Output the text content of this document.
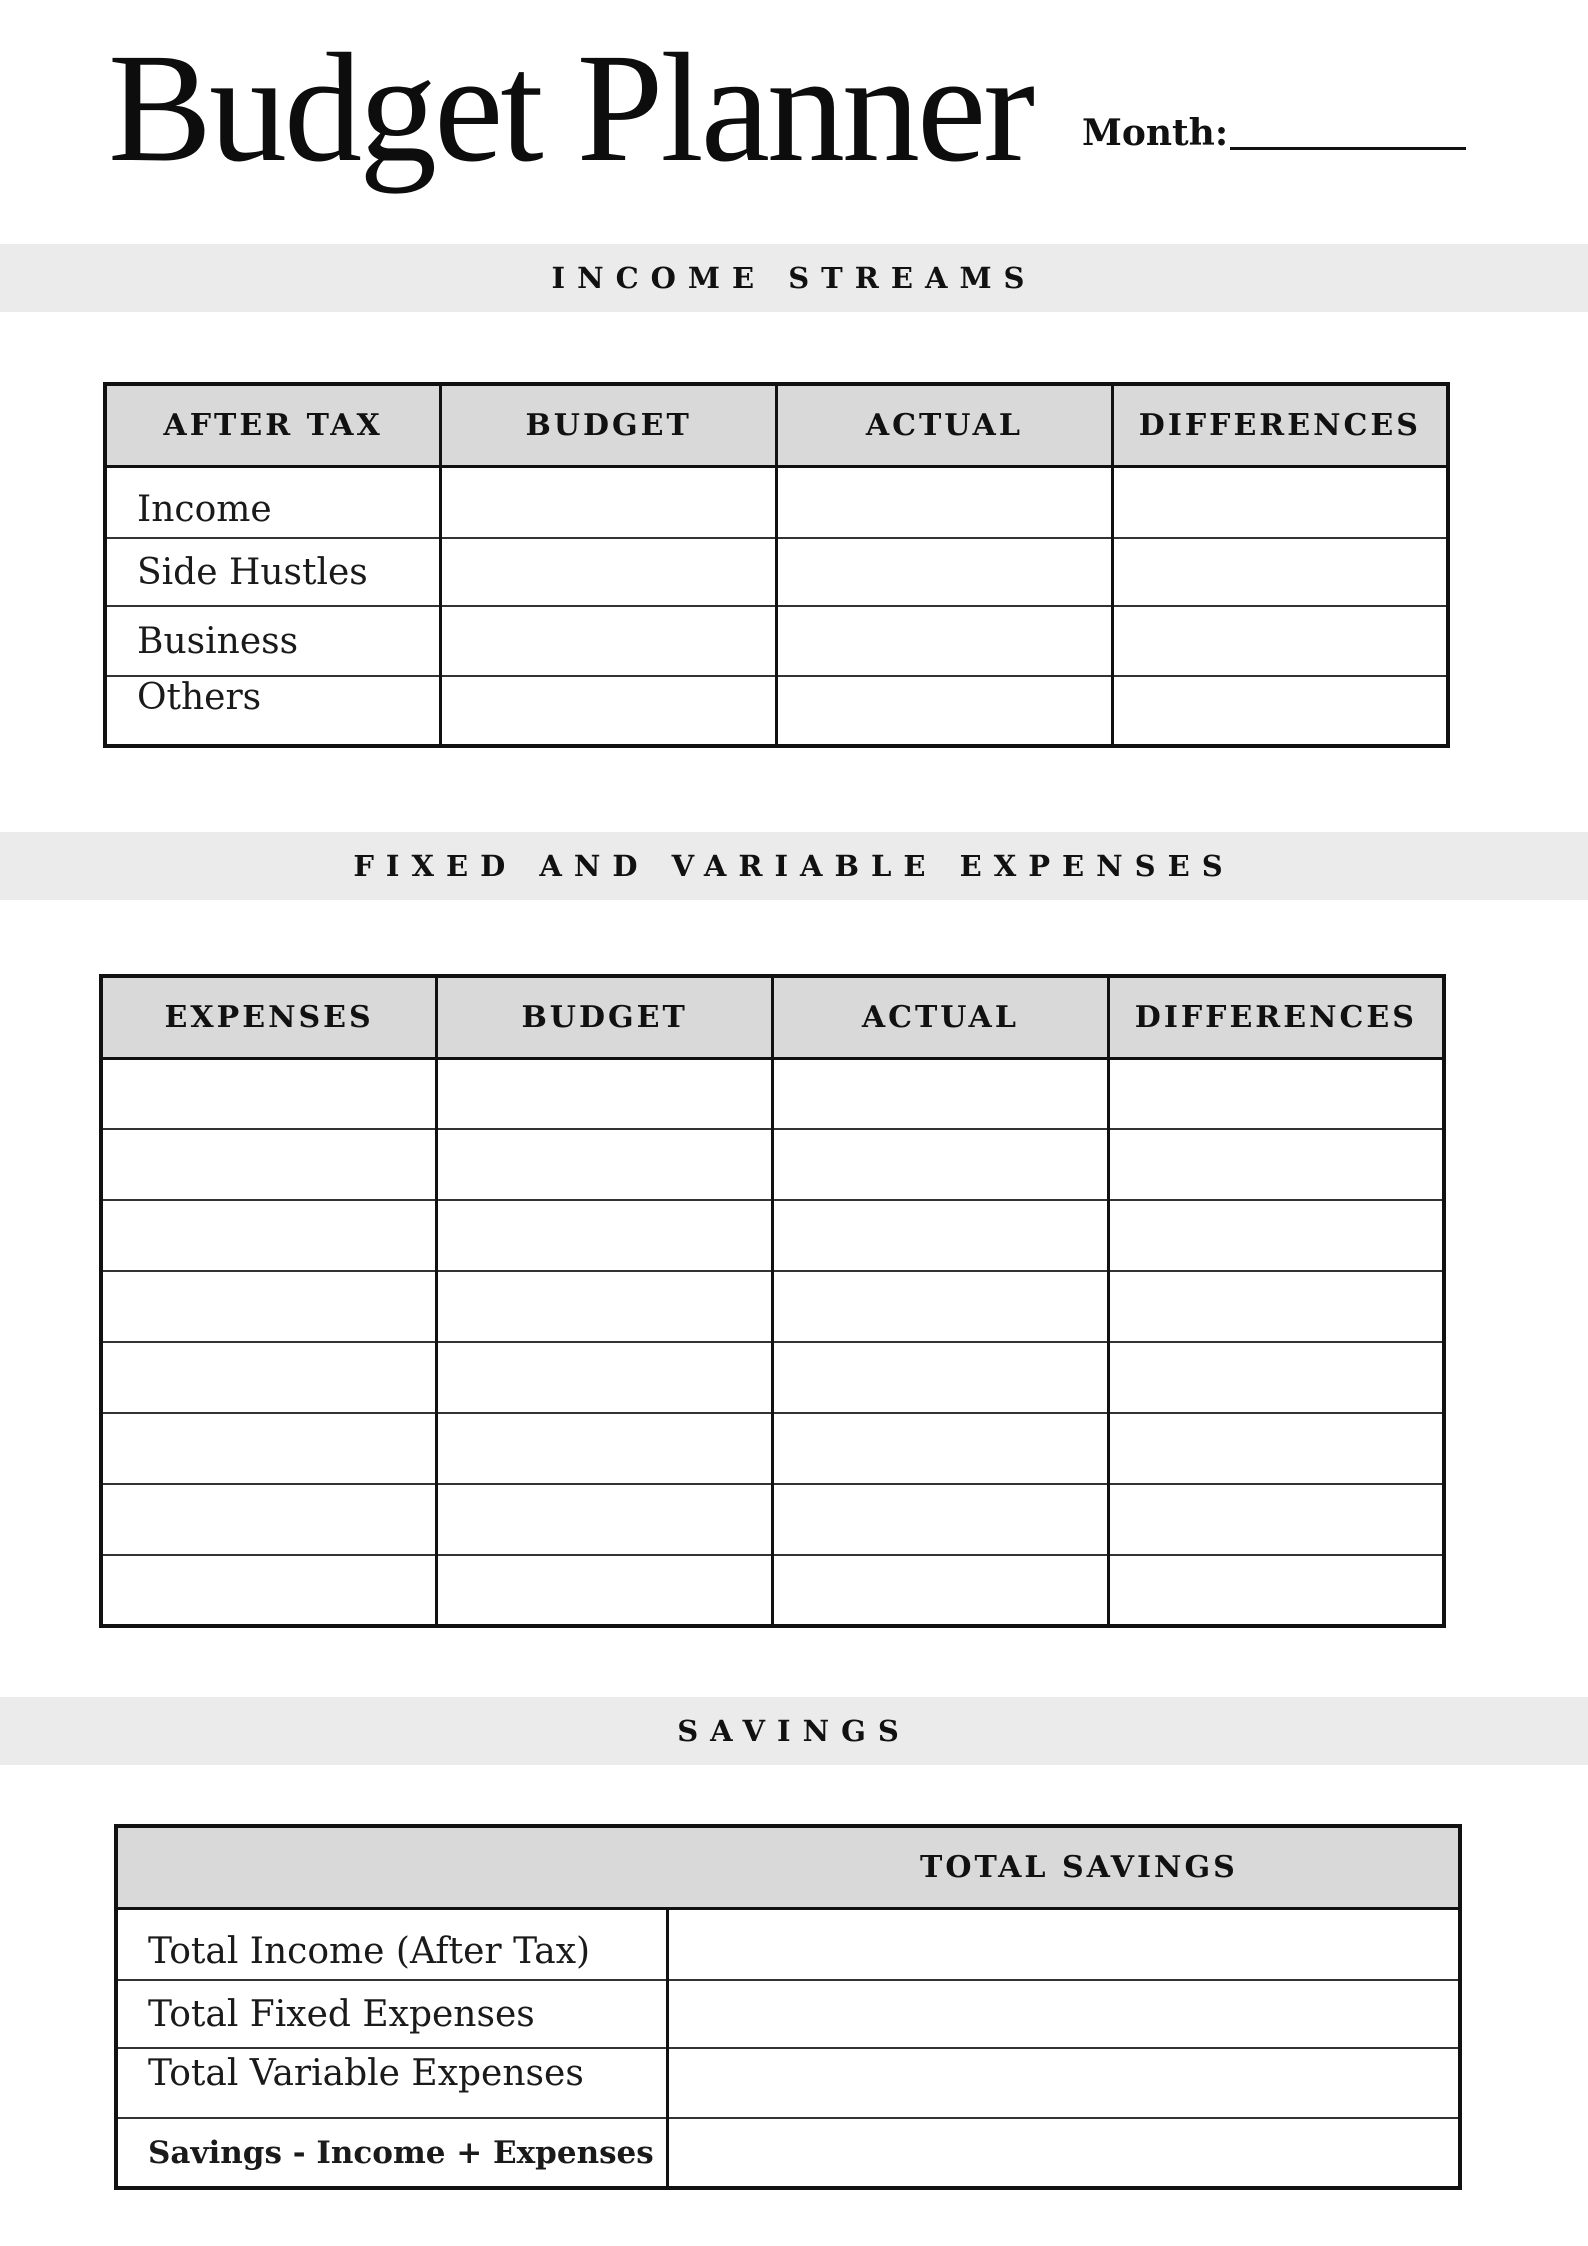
Budget Planner Month:
INCOME STREAMS
AFTER TAX	BUDGET	ACTUAL	DIFFERENCES
Income			
Side Hustles			
Business			
Others			
FIXED AND VARIABLE EXPENSES
EXPENSES	BUDGET	ACTUAL	DIFFERENCES

SAVINGS
TOTAL SAVINGS	
Total Income (After Tax)	
Total Fixed Expenses	
Total Variable Expenses	
Savings - Income + Expenses	
